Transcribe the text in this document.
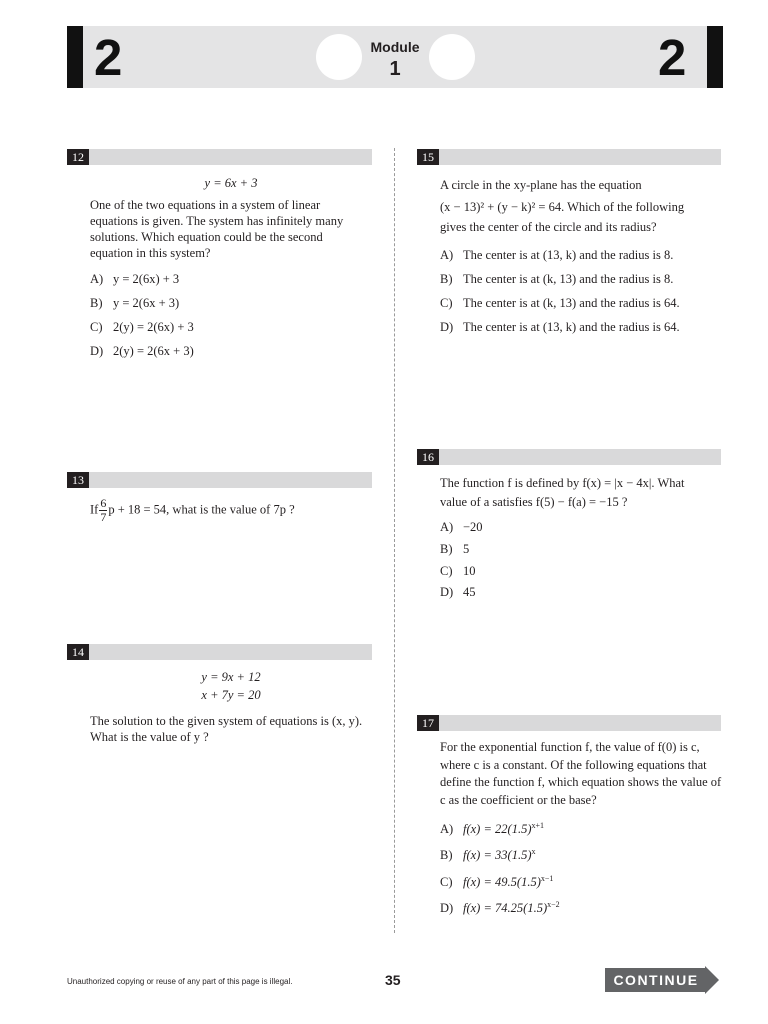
2	2
Module
1
12
y = 6x + 3
One of the two equations in a system of linear equations is given. The system has infinitely many solutions. Which equation could be the second equation in this system?
A) y = 2(6x) + 3
B) y = 2(6x + 3)
C) 2(y) = 2(6x) + 3
D) 2(y) = 2(6x + 3)
13
If $\frac{6}{7}$ p + 18 = 54, what is the value of 7p ?
14
y = 9x + 12
x + 7y = 20
The solution to the given system of equations is (x, y). What is the value of y ?
15
A circle in the xy-plane has the equation
(x − 13)² + (y − k)² = 64. Which of the following
gives the center of the circle and its radius?
A) The center is at (13, k) and the radius is 8.
B) The center is at (k, 13) and the radius is 8.
C) The center is at (k, 13) and the radius is 64.
D) The center is at (13, k) and the radius is 64.
16
The function f is defined by f(x) = |x − 4x|. What
value of a satisfies f(5) − f(a) = −15 ?
A) −20
B) 5
C) 10
D) 45
17
For the exponential function f, the value of f(0) is c, where c is a constant. Of the following equations that define the function f, which equation shows the value of c as the coefficient or the base?
A) $f(x) = 22(1.5)^{x+1}$
B) $f(x) = 33(1.5)^x$
C) $f(x) = 49.5(1.5)^{x-1}$
D) $f(x) = 74.25(1.5)^{x-2}$
Unauthorized copying or reuse of any part of this page is illegal.	35	CONTINUE
